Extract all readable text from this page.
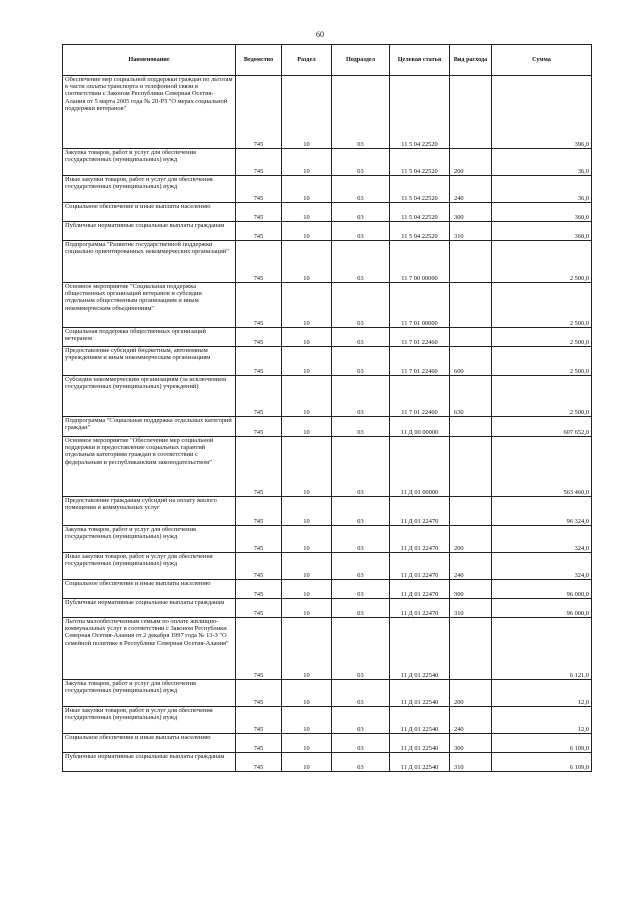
60
Наименование	Ведомство	Раздел	Подраздел	Целевая статья	Вид расхода	Сумма
Обеспечение мер социальной поддержки граждан по льготам в части оплаты транспорта и телефонной связи в соответствии с Законом Республики Северная Осетия-Алания от 5 марта 2005 года № 20-РЗ "О мерах социальной поддержки ветеранов"	745	10	03	11 5 04 22520		396,0
Закупка товаров, работ и услуг для обеспечения государственных (муниципальных) нужд	745	10	03	11 5 04 22520	200	36,0
Иные закупки товаров, работ и услуг для обеспечения государственных (муниципальных) нужд	745	10	03	11 5 04 22520	240	36,0
Социальное обеспечение и иные выплаты населению	745	10	03	11 5 04 22520	300	360,0
Публичные нормативные социальные выплаты гражданам	745	10	03	11 5 04 22520	310	360,0
Подпрограмма "Развитие государственной поддержки социально ориентированных некоммерческих организаций"	745	10	03	11 7 00 00000		2 500,0
Основное мероприятие "Социальная поддержка общественных организаций ветеранов и субсидии отдельным общественным организациям и иным некоммерческим объединениям"	745	10	03	11 7 01 00000		2 500,0
Социальная поддержка общественных организаций ветеранов	745	10	03	11 7 01 22460		2 500,0
Предоставление субсидий бюджетным, автономным учреждениям и иным некоммерческим организациям	745	10	03	11 7 01 22460	600	2 500,0
Субсидии некоммерческим организациям (за исключением государственных (муниципальных) учреждений)	745	10	03	11 7 01 22460	630	2 500,0
Подпрограмма "Социальная поддержка отдельных категорий граждан"	745	10	03	11 Д 00 00000		607 652,0
Основное мероприятие "Обеспечение мер социальной поддержки и предоставление социальных гарантий отдельным категориям граждан в соответствии с федеральным и республиканским законодательством"	745	10	03	11 Д 01 00000		563 460,0
Предоставление гражданам субсидий на оплату жилого помещения и коммунальных услуг	745	10	03	11 Д 01 22470		96 324,0
Закупка товаров, работ и услуг для обеспечения государственных (муниципальных) нужд	745	10	03	11 Д 01 22470	200	324,0
Иные закупки товаров, работ и услуг для обеспечения государственных (муниципальных) нужд	745	10	03	11 Д 01 22470	240	324,0
Социальное обеспечение и иные выплаты населению	745	10	03	11 Д 01 22470	300	96 000,0
Публичные нормативные социальные выплаты гражданам	745	10	03	11 Д 01 22470	310	96 000,0
Льготы малообеспеченным семьям по оплате жилищно-коммунальных услуг в соответствии с Законом Республики Северная Осетия-Алания от 2 декабря 1997 года № 13-З "О семейной политике в Республике Северная Осетия-Алания"	745	10	03	11 Д 01 22540		6 121,0
Закупка товаров, работ и услуг для обеспечения государственных (муниципальных) нужд	745	10	03	11 Д 01 22540	200	12,0
Иные закупки товаров, работ и услуг для обеспечения государственных (муниципальных) нужд	745	10	03	11 Д 01 22540	240	12,0
Социальное обеспечение и иные выплаты населению	745	10	03	11 Д 01 22540	300	6 109,0
Публичные нормативные социальные выплаты гражданам	745	10	03	11 Д 01 22540	310	6 109,0
